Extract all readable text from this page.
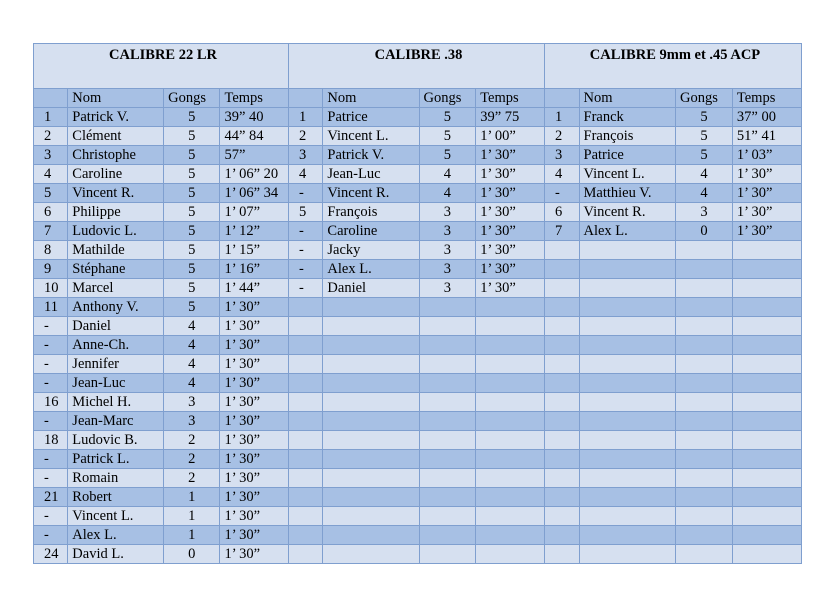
CALIBRE 22 LR				CALIBRE .38				CALIBRE 9mm et .45 ACP			
	Nom	Gongs	Temps		Nom	Gongs	Temps		Nom	Gongs	Temps
1	Patrick V.	5	39” 40	1	Patrice	5	39” 75	1	Franck	5	37” 00
2	Clément	5	44” 84	2	Vincent L.	5	1’ 00”	2	François	5	51” 41
3	Christophe	5	57”	3	Patrick V.	5	1’ 30”	3	Patrice	5	1’ 03”
4	Caroline	5	1’ 06” 20	4	Jean-Luc	4	1’ 30”	4	Vincent L.	4	1’ 30”
5	Vincent R.	5	1’ 06” 34	-	Vincent R.	4	1’ 30”	-	Matthieu V.	4	1’ 30”
6	Philippe	5	1’ 07”	5	François	3	1’ 30”	6	Vincent R.	3	1’ 30”
7	Ludovic L.	5	1’ 12”	-	Caroline	3	1’ 30”	7	Alex L.	0	1’ 30”
8	Mathilde	5	1’ 15”	-	Jacky	3	1’ 30”				
9	Stéphane	5	1’ 16”	-	Alex L.	3	1’ 30”				
10	Marcel	5	1’ 44”	-	Daniel	3	1’ 30”				
11	Anthony V.	5	1’ 30”								
-	Daniel	4	1’ 30”								
-	Anne-Ch.	4	1’ 30”								
-	Jennifer	4	1’ 30”								
-	Jean-Luc	4	1’ 30”								
16	Michel H.	3	1’ 30”								
-	Jean-Marc	3	1’ 30”								
18	Ludovic B.	2	1’ 30”								
-	Patrick L.	2	1’ 30”								
-	Romain	2	1’ 30”								
21	Robert	1	1’ 30”								
-	Vincent L.	1	1’ 30”								
-	Alex L.	1	1’ 30”								
24	David L.	0	1’ 30”								
